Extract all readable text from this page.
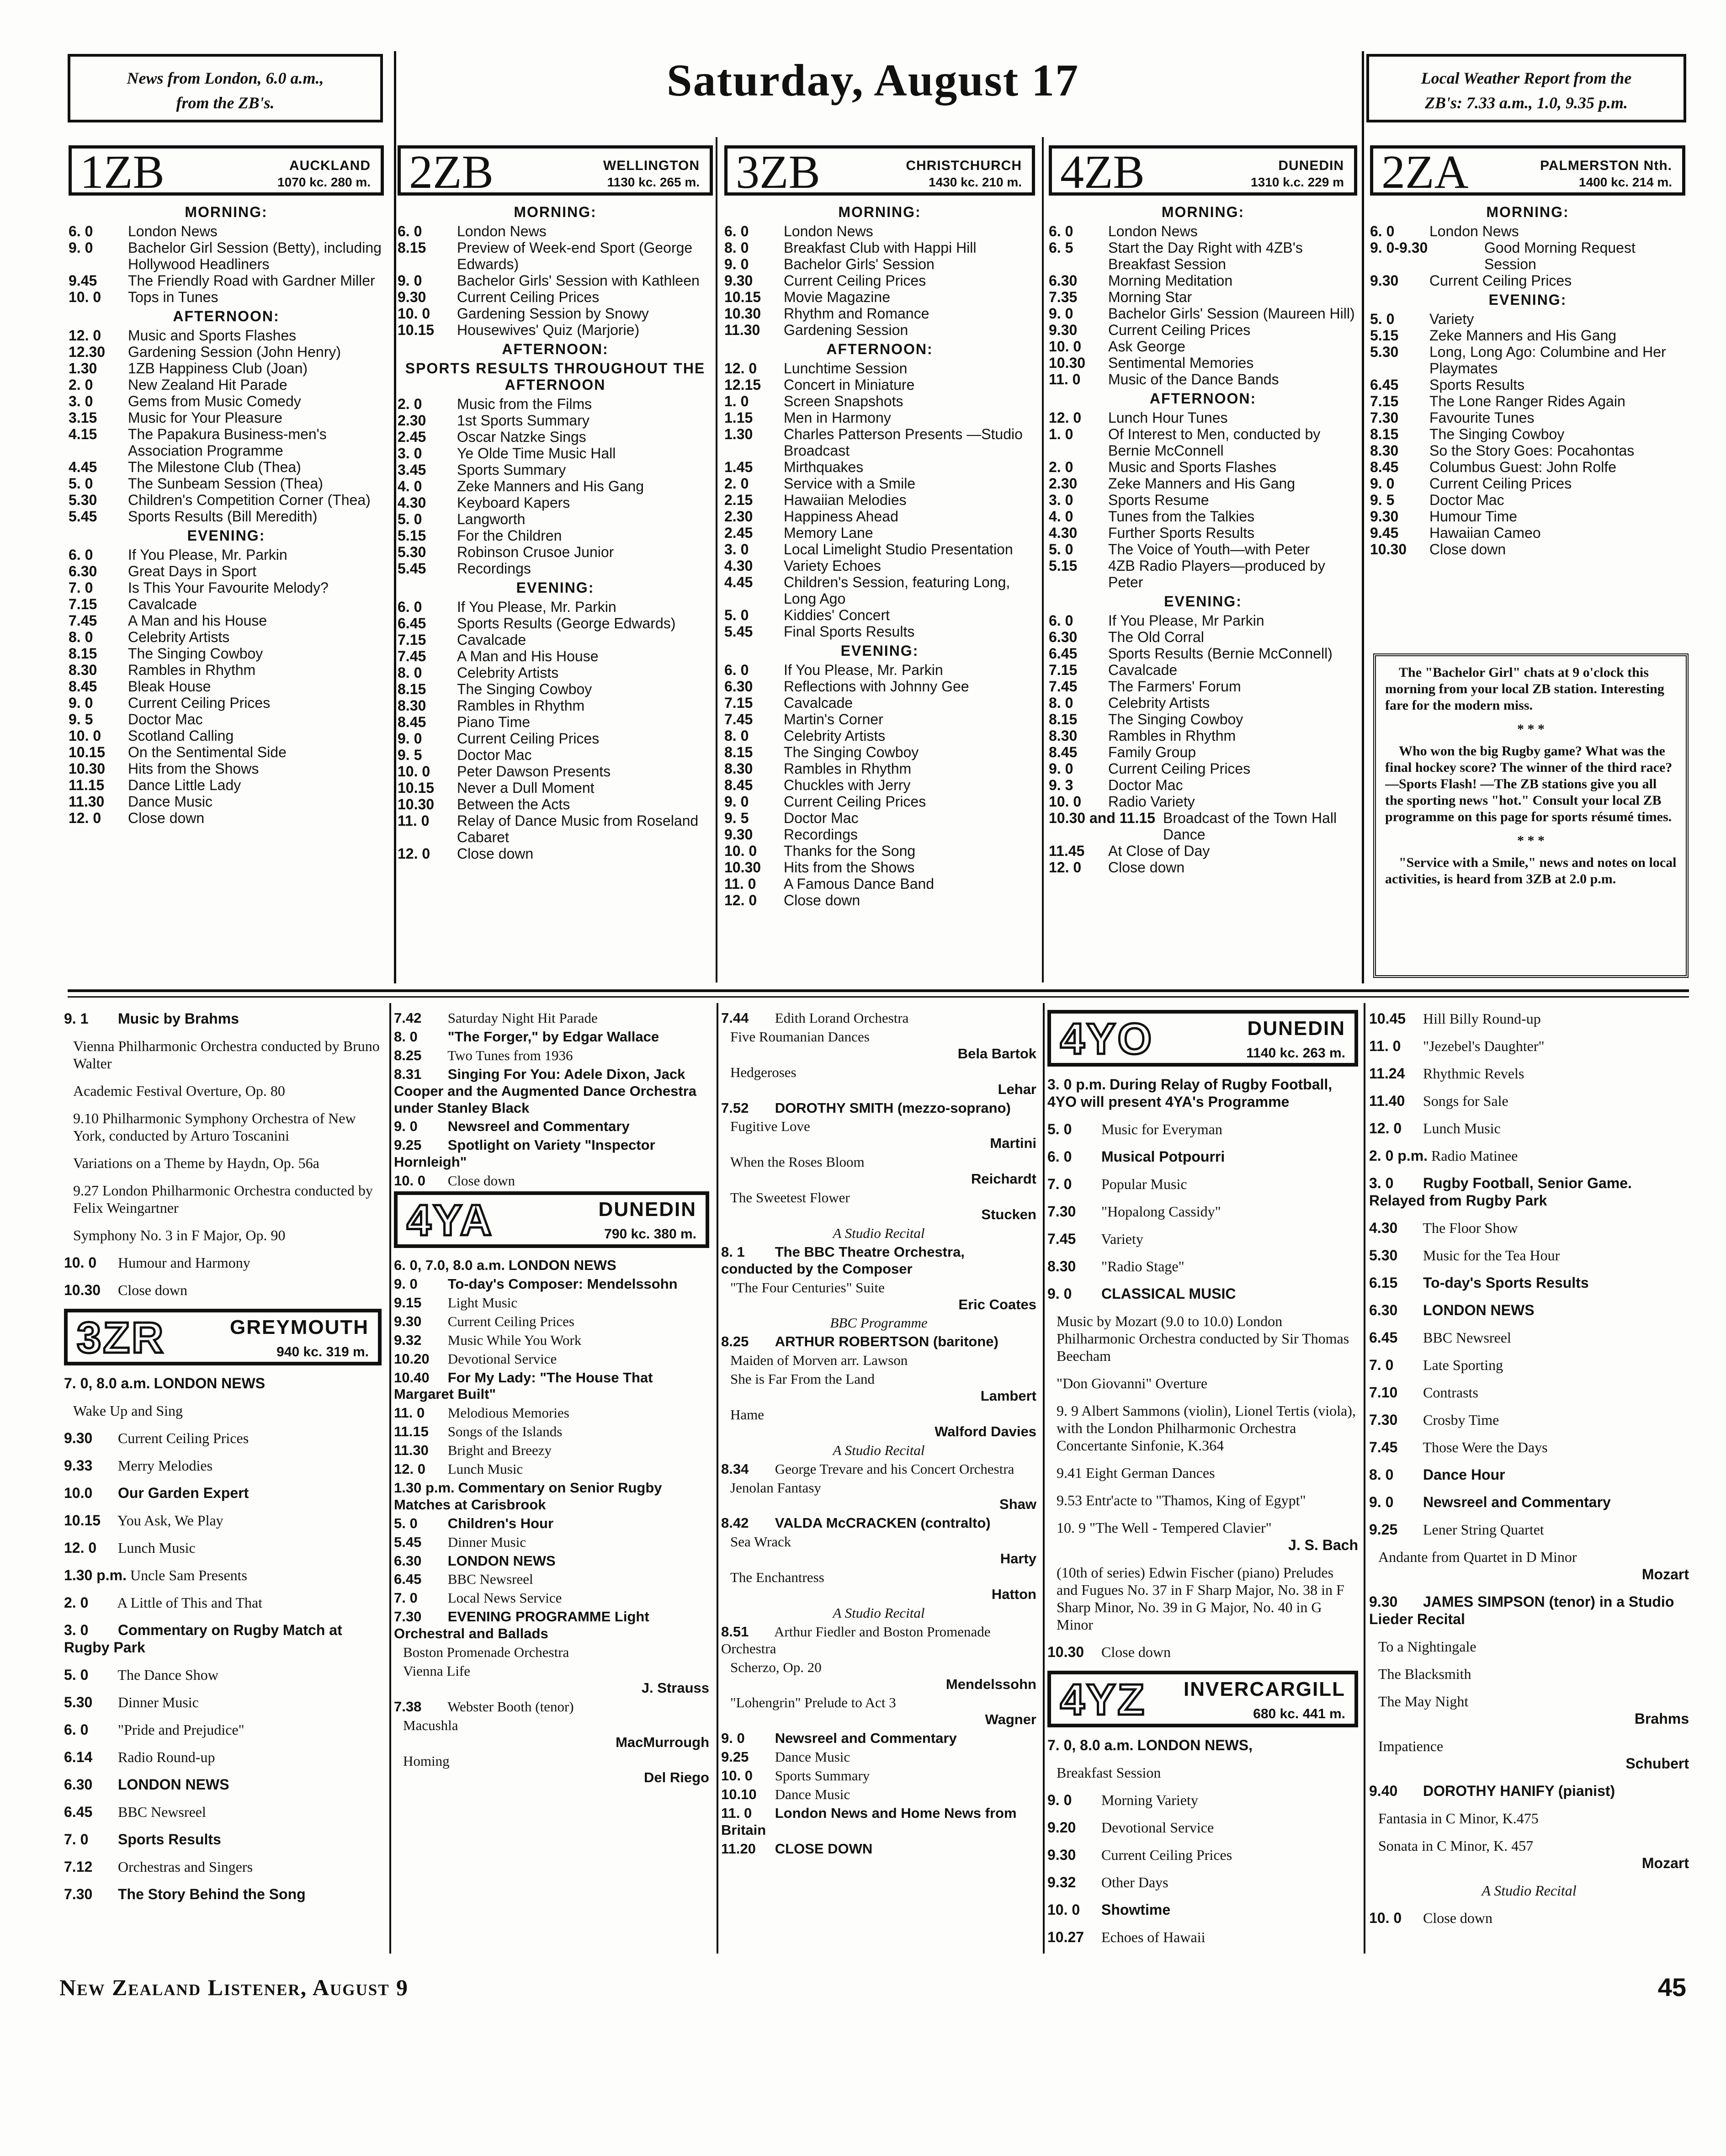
News from London, 6.0 a.m.,
from the ZB's.	Saturday, August 17	Local Weather Report from the
ZB's: 7.33 a.m., 1.0, 9.35 p.m.
1ZB	AUCKLAND
1070 kc. 280 m.
MORNING:
6. 0	London News
9. 0	Bachelor Girl Session (Betty), including Hollywood Headliners
9.45	The Friendly Road with Gardner Miller
10. 0	Tops in Tunes
AFTERNOON:
12. 0	Music and Sports Flashes
12.30	Gardening Session (John Henry)
1.30	1ZB Happiness Club (Joan)
2. 0	New Zealand Hit Parade
3. 0	Gems from Music Comedy
3.15	Music for Your Pleasure
4.15	The Papakura Business-men's Association Programme
4.45	The Milestone Club (Thea)
5. 0	The Sunbeam Session (Thea)
5.30	Children's Competition Corner (Thea)
5.45	Sports Results (Bill Meredith)
EVENING:
6. 0	If You Please, Mr. Parkin
6.30	Great Days in Sport
7. 0	Is This Your Favourite Melody?
7.15	Cavalcade
7.45	A Man and his House
8. 0	Celebrity Artists
8.15	The Singing Cowboy
8.30	Rambles in Rhythm
8.45	Bleak House
9. 0	Current Ceiling Prices
9. 5	Doctor Mac
10. 0	Scotland Calling
10.15	On the Sentimental Side
10.30	Hits from the Shows
11.15	Dance Little Lady
11.30	Dance Music
12. 0	Close down
2ZB	WELLINGTON
1130 kc. 265 m.
MORNING:
6. 0	London News
8.15	Preview of Week-end Sport (George Edwards)
9. 0	Bachelor Girls' Session with Kathleen
9.30	Current Ceiling Prices
10. 0	Gardening Session by Snowy
10.15	Housewives' Quiz (Marjorie)
AFTERNOON:
SPORTS RESULTS THROUGHOUT THE AFTERNOON
2. 0	Music from the Films
2.30	1st Sports Summary
2.45	Oscar Natzke Sings
3. 0	Ye Olde Time Music Hall
3.45	Sports Summary
4. 0	Zeke Manners and His Gang
4.30	Keyboard Kapers
5. 0	Langworth
5.15	For the Children
5.30	Robinson Crusoe Junior
5.45	Recordings
EVENING:
6. 0	If You Please, Mr. Parkin
6.45	Sports Results (George Edwards)
7.15	Cavalcade
7.45	A Man and His House
8. 0	Celebrity Artists
8.15	The Singing Cowboy
8.30	Rambles in Rhythm
8.45	Piano Time
9. 0	Current Ceiling Prices
9. 5	Doctor Mac
10. 0	Peter Dawson Presents
10.15	Never a Dull Moment
10.30	Between the Acts
11. 0	Relay of Dance Music from Roseland Cabaret
12. 0	Close down
3ZB	CHRISTCHURCH
1430 kc. 210 m.
MORNING:
6. 0	London News
8. 0	Breakfast Club with Happi Hill
9. 0	Bachelor Girls' Session
9.30	Current Ceiling Prices
10.15	Movie Magazine
10.30	Rhythm and Romance
11.30	Gardening Session
AFTERNOON:
12. 0	Lunchtime Session
12.15	Concert in Miniature
1. 0	Screen Snapshots
1.15	Men in Harmony
1.30	Charles Patterson Presents —Studio Broadcast
1.45	Mirthquakes
2. 0	Service with a Smile
2.15	Hawaiian Melodies
2.30	Happiness Ahead
2.45	Memory Lane
3. 0	Local Limelight Studio Presentation
4.30	Variety Echoes
4.45	Children's Session, featuring Long, Long Ago
5. 0	Kiddies' Concert
5.45	Final Sports Results
EVENING:
6. 0	If You Please, Mr. Parkin
6.30	Reflections with Johnny Gee
7.15	Cavalcade
7.45	Martin's Corner
8. 0	Celebrity Artists
8.15	The Singing Cowboy
8.30	Rambles in Rhythm
8.45	Chuckles with Jerry
9. 0	Current Ceiling Prices
9. 5	Doctor Mac
9.30	Recordings
10. 0	Thanks for the Song
10.30	Hits from the Shows
11. 0	A Famous Dance Band
12. 0	Close down
4ZB	DUNEDIN
1310 k.c. 229 m
MORNING:
6. 0	London News
6. 5	Start the Day Right with 4ZB's Breakfast Session
6.30	Morning Meditation
7.35	Morning Star
9. 0	Bachelor Girls' Session (Maureen Hill)
9.30	Current Ceiling Prices
10. 0	Ask George
10.30	Sentimental Memories
11. 0	Music of the Dance Bands
AFTERNOON:
12. 0	Lunch Hour Tunes
1. 0	Of Interest to Men, conducted by Bernie McConnell
2. 0	Music and Sports Flashes
2.30	Zeke Manners and His Gang
3. 0	Sports Resume
4. 0	Tunes from the Talkies
4.30	Further Sports Results
5. 0	The Voice of Youth—with Peter
5.15	4ZB Radio Players—produced by Peter
EVENING:
6. 0	If You Please, Mr Parkin
6.30	The Old Corral
6.45	Sports Results (Bernie McConnell)
7.15	Cavalcade
7.45	The Farmers' Forum
8. 0	Celebrity Artists
8.15	The Singing Cowboy
8.30	Rambles in Rhythm
8.45	Family Group
9. 0	Current Ceiling Prices
9. 3	Doctor Mac
10. 0	Radio Variety
10.30 and 11.15 Broadcast of the Town Hall Dance
11.45	At Close of Day
12. 0	Close down
2ZA	PALMERSTON Nth.
1400 kc. 214 m.
MORNING:
6. 0	London News
9. 0-9.30	Good Morning Request Session
9.30	Current Ceiling Prices
EVENING:
5. 0	Variety
5.15	Zeke Manners and His Gang
5.30	Long, Long Ago: Columbine and Her Playmates
6.45	Sports Results
7.15	The Lone Ranger Rides Again
7.30	Favourite Tunes
8.15	The Singing Cowboy
8.30	So the Story Goes: Pocahontas
8.45	Columbus Guest: John Rolfe
9. 0	Current Ceiling Prices
9. 5	Doctor Mac
9.30	Humour Time
9.45	Hawaiian Cameo
10.30	Close down

The "Bachelor Girl" chats at 9 o'clock this morning from your local ZB station. Interesting fare for the modern miss.

* * *

Who won the big Rugby game? What was the final hockey score? The winner of the third race?—Sports Flash! —The ZB stations give you all the sporting news "hot." Consult your local ZB programme on this page for sports résumé times.

* * *

"Service with a Smile," news and notes on local activities, is heard from 3ZB at 2.0 p.m.

9. 1 Music by Brahms
Vienna Philharmonic Orchestra conducted by Bruno Walter
Academic Festival Overture, Op. 80
9.10 Philharmonic Symphony Orchestra of New York, conducted by Arturo Toscanini
Variations on a Theme by Haydn, Op. 56a
9.27 London Philharmonic Orchestra conducted by Felix Weingartner
Symphony No. 3 in F Major, Op. 90
10. 0 Humour and Harmony
10.30 Close down
3ZR	GREYMOUTH
940 kc. 319 m.
7. 0, 8.0 a.m. LONDON NEWS
Wake Up and Sing
9.30 Current Ceiling Prices
9.33 Merry Melodies
10.0 Our Garden Expert
10.15 You Ask, We Play
12. 0 Lunch Music
1.30 p.m. Uncle Sam Presents
2. 0 A Little of This and That
3. 0 Commentary on Rugby Match at Rugby Park
5. 0 The Dance Show
5.30 Dinner Music
6. 0 "Pride and Prejudice"
6.14 Radio Round-up
6.30 LONDON NEWS
6.45 BBC Newsreel
7. 0 Sports Results
7.12 Orchestras and Singers
7.30 The Story Behind the Song
7.42 Saturday Night Hit Parade
8. 0 "The Forger," by Edgar Wallace
8.25 Two Tunes from 1936
8.31 Singing For You: Adele Dixon, Jack Cooper and the Augmented Dance Orchestra under Stanley Black
9. 0 Newsreel and Commentary
9.25 Spotlight on Variety "Inspector Hornleigh"
10. 0 Close down
4YA	DUNEDIN
790 kc. 380 m.
6. 0, 7.0, 8.0 a.m. LONDON NEWS
9. 0 To-day's Composer: Mendelssohn
9.15 Light Music
9.30 Current Ceiling Prices
9.32 Music While You Work
10.20 Devotional Service
10.40 For My Lady: "The House That Margaret Built"
11. 0 Melodious Memories
11.15 Songs of the Islands
11.30 Bright and Breezy
12. 0 Lunch Music
1.30 p.m. Commentary on Senior Rugby Matches at Carisbrook
5. 0 Children's Hour
5.45 Dinner Music
6.30 LONDON NEWS
6.45 BBC Newsreel
7. 0 Local News Service
7.30 EVENING PROGRAMME Light Orchestral and Ballads
Boston Promenade Orchestra
Vienna Life
J. Strauss
7.38 Webster Booth (tenor)
Macushla
MacMurrough
Homing
Del Riego
7.44 Edith Lorand Orchestra
Five Roumanian Dances
Bela Bartok
Hedgeroses
Lehar
7.52 DOROTHY SMITH (mezzo-soprano)
Fugitive Love
Martini
When the Roses Bloom
Reichardt
The Sweetest Flower
Stucken
A Studio Recital
8. 1 The BBC Theatre Orchestra, conducted by the Composer
"The Four Centuries" Suite
Eric Coates
BBC Programme
8.25 ARTHUR ROBERTSON (baritone)
Maiden of Morven arr. Lawson
She is Far From the Land
Lambert
Hame
Walford Davies
A Studio Recital
8.34 George Trevare and his Concert Orchestra
Jenolan Fantasy
Shaw
8.42 VALDA McCRACKEN (contralto)
Sea Wrack
Harty
The Enchantress
Hatton
A Studio Recital
8.51 Arthur Fiedler and Boston Promenade Orchestra
Scherzo, Op. 20
Mendelssohn
"Lohengrin" Prelude to Act 3
Wagner
9. 0 Newsreel and Commentary
9.25 Dance Music
10. 0 Sports Summary
10.10 Dance Music
11. 0 London News and Home News from Britain
11.20 CLOSE DOWN
4YO	DUNEDIN
1140 kc. 263 m.
3. 0 p.m. During Relay of Rugby Football, 4YO will present 4YA's Programme
5. 0 Music for Everyman
6. 0 Musical Potpourri
7. 0 Popular Music
7.30 "Hopalong Cassidy"
7.45 Variety
8.30 "Radio Stage"
9. 0 CLASSICAL MUSIC
Music by Mozart (9.0 to 10.0) London Philharmonic Orchestra conducted by Sir Thomas Beecham
"Don Giovanni" Overture
9. 9 Albert Sammons (violin), Lionel Tertis (viola), with the London Philharmonic Orchestra Concertante Sinfonie, K.364
9.41 Eight German Dances
9.53 Entr'acte to "Thamos, King of Egypt"
10. 9 "The Well - Tempered Clavier"
J. S. Bach
(10th of series) Edwin Fischer (piano) Preludes and Fugues No. 37 in F Sharp Major, No. 38 in F Sharp Minor, No. 39 in G Major, No. 40 in G Minor
10.30 Close down
4YZ INVERCARGILL
680 kc. 441 m.
7. 0, 8.0 a.m. LONDON NEWS,
Breakfast Session
9. 0 Morning Variety
9.20 Devotional Service
9.30 Current Ceiling Prices
9.32 Other Days
10. 0 Showtime
10.27 Echoes of Hawaii
10.45 Hill Billy Round-up
11. 0 "Jezebel's Daughter"
11.24 Rhythmic Revels
11.40 Songs for Sale
12. 0 Lunch Music
2. 0 p.m. Radio Matinee
3. 0 Rugby Football, Senior Game. Relayed from Rugby Park
4.30 The Floor Show
5.30 Music for the Tea Hour
6.15 To-day's Sports Results
6.30 LONDON NEWS
6.45 BBC Newsreel
7. 0 Late Sporting
7.10 Contrasts
7.30 Crosby Time
7.45 Those Were the Days
8. 0 Dance Hour
9. 0 Newsreel and Commentary
9.25 Lener String Quartet
Andante from Quartet in D Minor
Mozart
9.30 JAMES SIMPSON (tenor) in a Studio Lieder Recital
To a Nightingale
The Blacksmith
The May Night
Brahms
Impatience
Schubert
9.40 DOROTHY HANIFY (pianist)
Fantasia in C Minor, K.475
Sonata in C Minor, K. 457
Mozart
A Studio Recital
10. 0 Close down
New Zealand Listener, August 9	45
